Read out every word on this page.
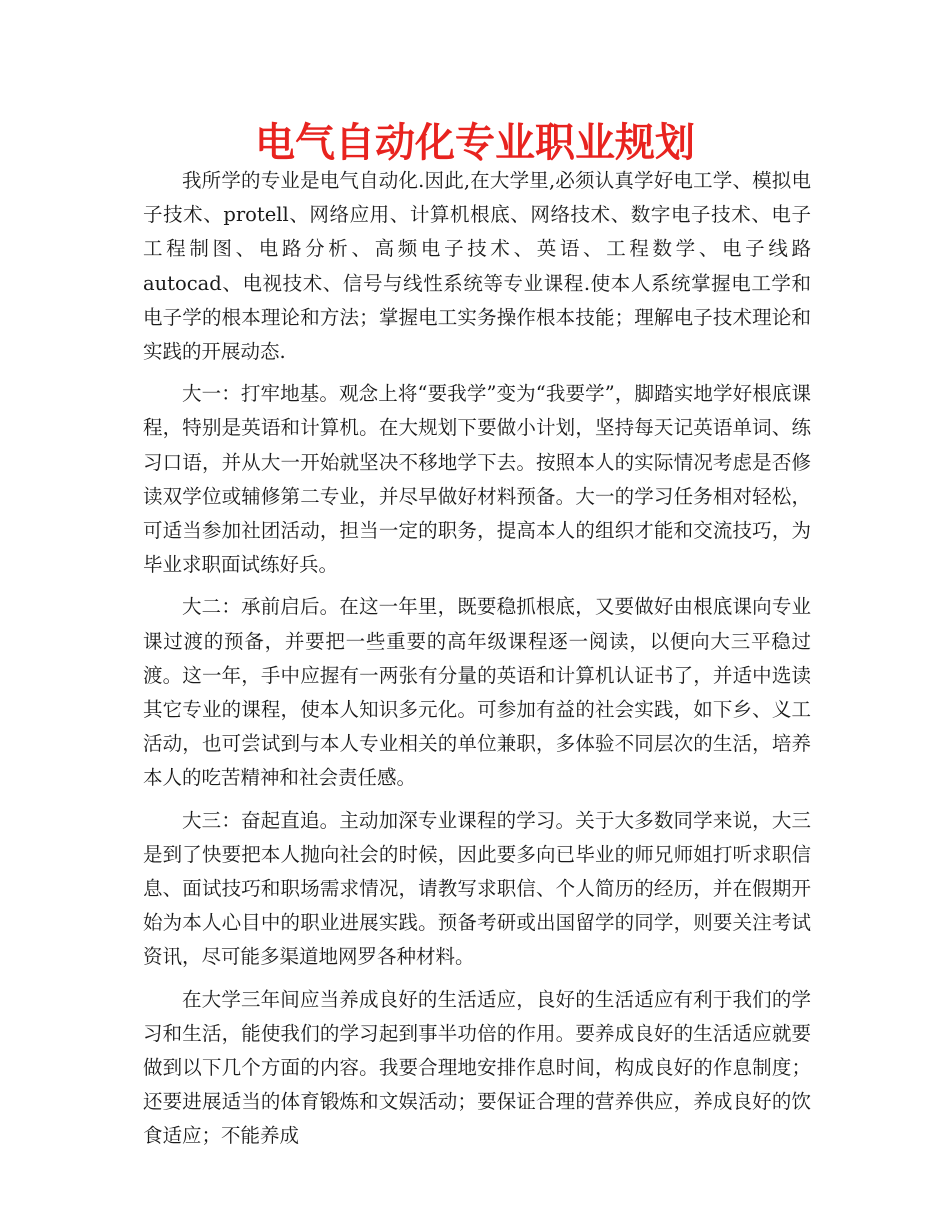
电气自动化专业职业规划

我所学的专业是电气自动化.因此,在大学里,必须认真学好电工学、模拟电子技术、protell、网络应用、计算机根底、网络技术、数字电子技术、电子工程制图、电路分析、高频电子技术、英语、工程数学、电子线路 autocad、电视技术、信号与线性系统等专业课程.使本人系统掌握电工学和电子学的根本理论和方法；掌握电工实务操作根本技能；理解电子技术理论和实践的开展动态.

大一：打牢地基。观念上将“要我学”变为“我要学”，脚踏实地学好根底课程，特别是英语和计算机。在大规划下要做小计划，坚持每天记英语单词、练习口语，并从大一开始就坚决不移地学下去。按照本人的实际情况考虑是否修读双学位或辅修第二专业，并尽早做好材料预备。大一的学习任务相对轻松，可适当参加社团活动，担当一定的职务，提高本人的组织才能和交流技巧，为毕业求职面试练好兵。

大二：承前启后。在这一年里，既要稳抓根底，又要做好由根底课向专业课过渡的预备，并要把一些重要的高年级课程逐一阅读，以便向大三平稳过渡。这一年，手中应握有一两张有分量的英语和计算机认证书了，并适中选读其它专业的课程，使本人知识多元化。可参加有益的社会实践，如下乡、义工活动，也可尝试到与本人专业相关的单位兼职，多体验不同层次的生活，培养本人的吃苦精神和社会责任感。

大三：奋起直追。主动加深专业课程的学习。关于大多数同学来说，大三是到了快要把本人抛向社会的时候，因此要多向已毕业的师兄师姐打听求职信息、面试技巧和职场需求情况，请教写求职信、个人简历的经历，并在假期开始为本人心目中的职业进展实践。预备考研或出国留学的同学，则要关注考试资讯，尽可能多渠道地网罗各种材料。

在大学三年间应当养成良好的生活适应，良好的生活适应有利于我们的学习和生活，能使我们的学习起到事半功倍的作用。要养成良好的生活适应就要做到以下几个方面的内容。我要合理地安排作息时间，构成良好的作息制度；还要进展适当的体育锻炼和文娱活动；要保证合理的营养供应，养成良好的饮食适应；不能养成
